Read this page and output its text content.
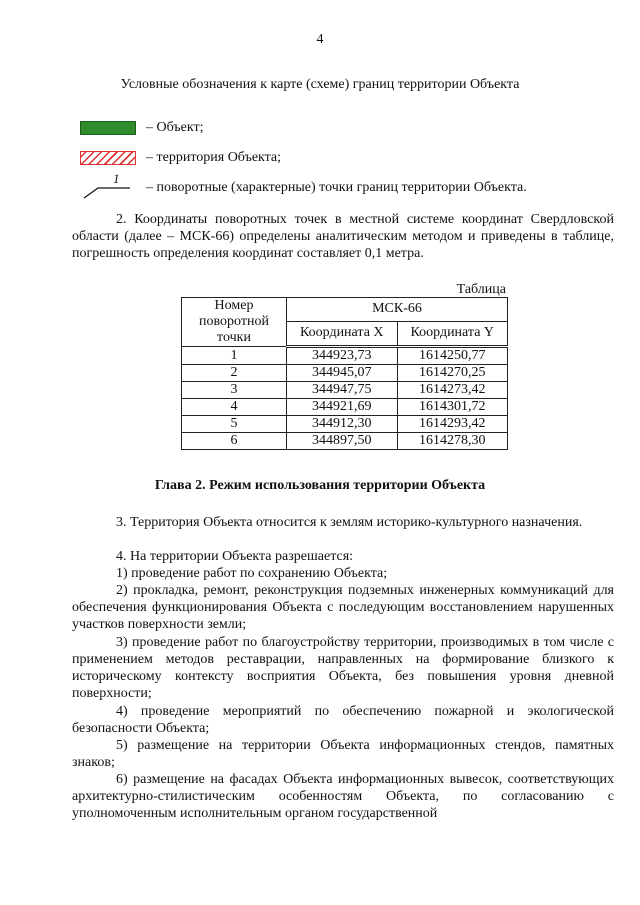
4
Условные обозначения к карте (схеме) границ территории Объекта
– Объект;
– территория Объекта;
1
– поворотные (характерные) точки границ территории Объекта.
2. Координаты поворотных точек в местной системе координат Свердловской области (далее – МСК-66) определены аналитическим методом и приведены в таблице, погрешность определения координат составляет 0,1 метра.
Таблица
Номер поворотной точки	МСК-66	
	Координата X	Координата Y
1	344923,73	1614250,77
2	344945,07	1614270,25
3	344947,75	1614273,42
4	344921,69	1614301,72
5	344912,30	1614293,42
6	344897,50	1614278,30
Глава 2. Режим использования территории Объекта
3. Территория Объекта относится к землям историко-культурного назначения.
4. На территории Объекта разрешается:
1) проведение работ по сохранению Объекта;
2) прокладка, ремонт, реконструкция подземных инженерных коммуникаций для обеспечения функционирования Объекта с последующим восстановлением нарушенных участков поверхности земли;
3) проведение работ по благоустройству территории, производимых в том числе с применением методов реставрации, направленных на формирование близкого к историческому контексту восприятия Объекта, без повышения уровня дневной поверхности;
4) проведение мероприятий по обеспечению пожарной и экологической безопасности Объекта;
5) размещение на территории Объекта информационных стендов, памятных знаков;
6) размещение на фасадах Объекта информационных вывесок, соответствующих архитектурно-стилистическим особенностям Объекта, по согласованию с уполномоченным исполнительным органом государственной
